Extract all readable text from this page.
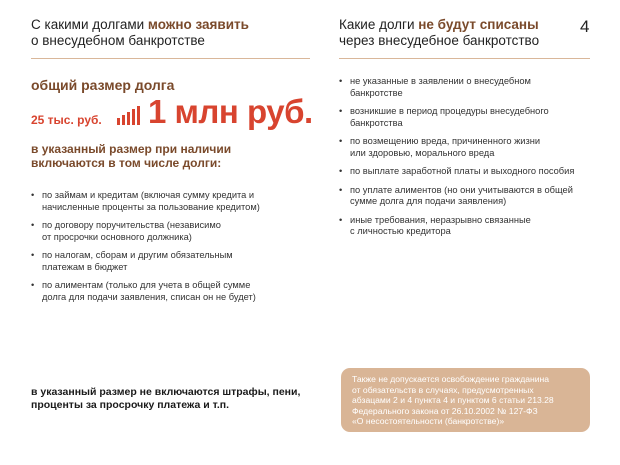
С какими долгами можно заявить
о внесудебном банкротстве
Какие долги не будут списаны
через внесудебное банкротство
4
общий размер долга
25 тыс. руб. 1 млн руб.
в указанный размер при наличии
включаются в том числе долги:
• по займам и кредитам (включая сумму кредита и
начисленные проценты за пользование кредитом)
• по договору поручительства (независимо
от просрочки основного должника)
• по налогам, сборам и другим обязательным
платежам в бюджет
• по алиментам (только для учета в общей сумме
долга для подачи заявления, списан он не будет)
• не указанные в заявлении о внесудебном
банкротстве
• возникшие в период процедуры внесудебного
банкротства
• по возмещению вреда, причиненного жизни
или здоровью, морального вреда
• по выплате заработной платы и выходного пособия
• по уплате алиментов (но они учитываются в общей
сумме долга для подачи заявления)
• иные требования, неразрывно связанные
с личностью кредитора
в указанный размер не включаются штрафы, пени,
проценты за просрочку платежа и т.п.
Также не допускается освобождение гражданина
от обязательств в случаях, предусмотренных
абзацами 2 и 4 пункта 4 и пунктом 6 статьи 213.28
Федерального закона от 26.10.2002 № 127-ФЗ
«О несостоятельности (банкротстве)»
